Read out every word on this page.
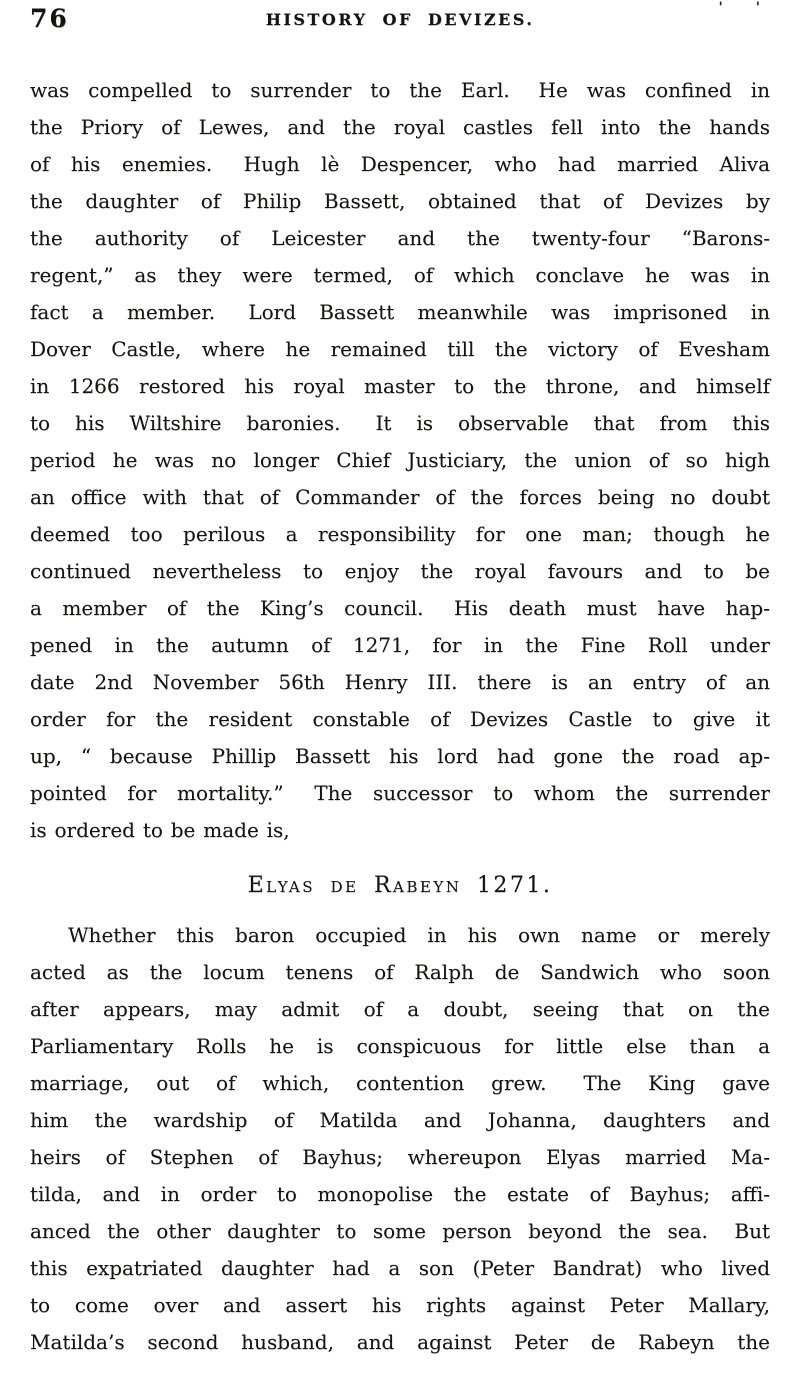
76	HISTORY OF DEVIZES.
' '
was compelled to surrender to the Earl.  He was confined in
the Priory of Lewes, and the royal castles fell into the hands
of his enemies.  Hugh lè Despencer, who had married Aliva
the daughter of Philip Bassett, obtained that of Devizes by
the authority of Leicester and the twenty-four “Barons-
regent,” as they were termed, of which conclave he was in
fact a member.  Lord Bassett meanwhile was imprisoned in
Dover Castle, where he remained till the victory of Evesham
in 1266 restored his royal master to the throne, and himself
to his Wiltshire baronies.  It is observable that from this
period he was no longer Chief Justiciary, the union of so high
an office with that of Commander of the forces being no doubt
deemed too perilous a responsibility for one man; though he
continued nevertheless to enjoy the royal favours and to be
a member of the King’s council.  His death must have hap-
pened in the autumn of 1271, for in the Fine Roll under
date 2nd November 56th Henry III. there is an entry of an
order for the resident constable of Devizes Castle to give it
up, “ because Phillip Bassett his lord had gone the road ap-
pointed for mortality.”  The successor to whom the surrender
is ordered to be made is,
Elyas de Rabeyn 1271.
Whether this baron occupied in his own name or merely
acted as the locum tenens of Ralph de Sandwich who soon
after appears, may admit of a doubt, seeing that on the
Parliamentary Rolls he is conspicuous for little else than a
marriage, out of which, contention grew.  The King gave
him the wardship of Matilda and Johanna, daughters and
heirs of Stephen of Bayhus; whereupon Elyas married Ma-
tilda, and in order to monopolise the estate of Bayhus; affi-
anced the other daughter to some person beyond the sea.  But
this expatriated daughter had a son (Peter Bandrat) who lived
to come over and assert his rights against Peter Mallary,
Matilda’s second husband, and against Peter de Rabeyn the
